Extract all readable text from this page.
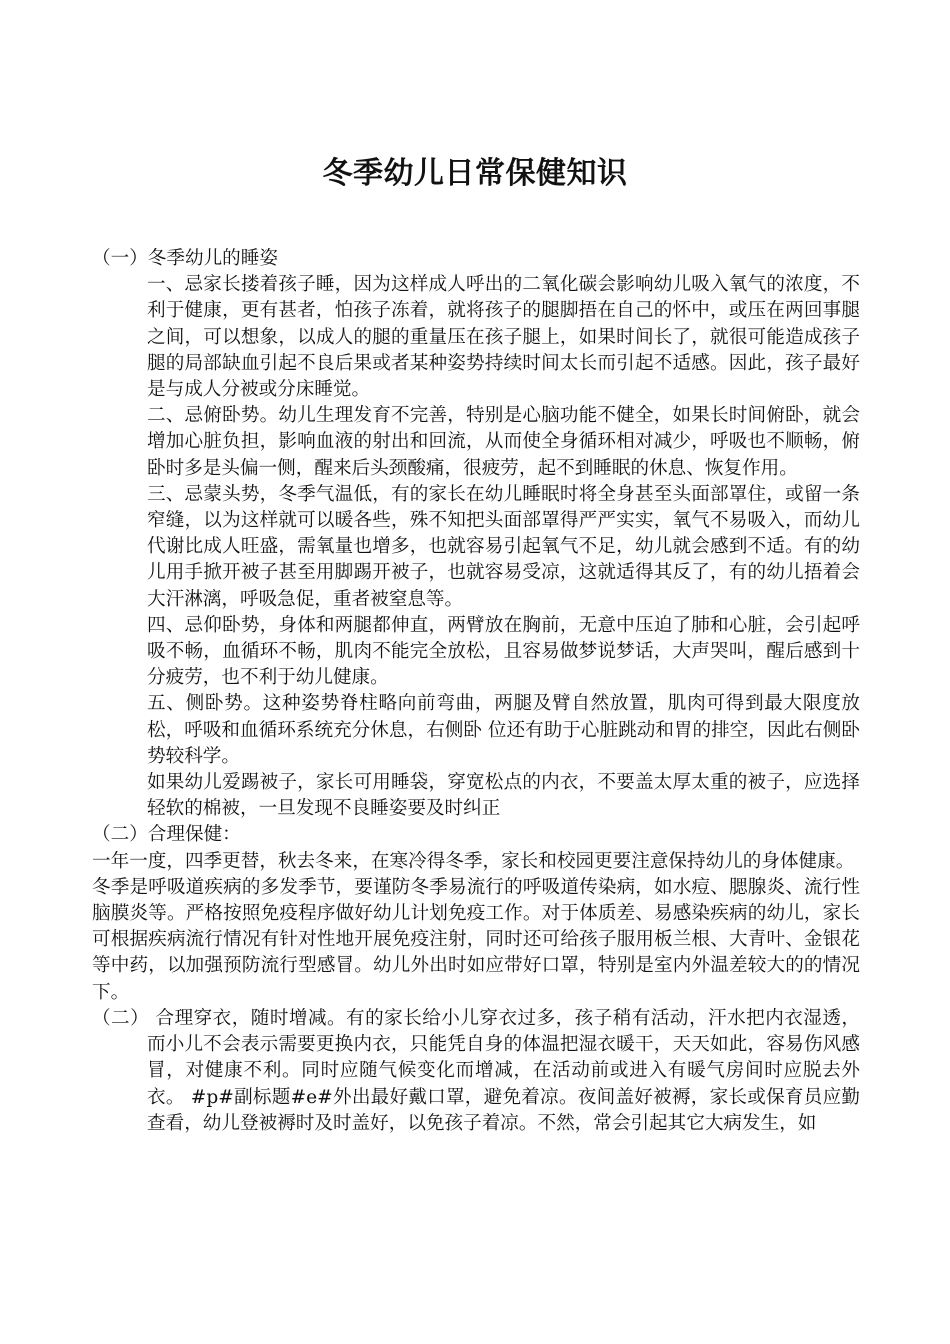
冬季幼儿日常保健知识

（一）冬季幼儿的睡姿

一、忌家长搂着孩子睡，因为这样成人呼出的二氧化碳会影响幼儿吸入氧气的浓度，不利于健康，更有甚者，怕孩子冻着，就将孩子的腿脚捂在自己的怀中，或压在两回事腿之间，可以想象，以成人的腿的重量压在孩子腿上，如果时间长了，就很可能造成孩子腿的局部缺血引起不良后果或者某种姿势持续时间太长而引起不适感。因此，孩子最好是与成人分被或分床睡觉。

二、忌俯卧势。幼儿生理发育不完善，特别是心脑功能不健全，如果长时间俯卧，就会增加心脏负担，影响血液的射出和回流，从而使全身循环相对减少，呼吸也不顺畅，俯卧时多是头偏一侧，醒来后头颈酸痛，很疲劳，起不到睡眠的休息、恢复作用。

三、忌蒙头势，冬季气温低，有的家长在幼儿睡眠时将全身甚至头面部罩住，或留一条窄缝，以为这样就可以暖各些，殊不知把头面部罩得严严实实，氧气不易吸入，而幼儿代谢比成人旺盛，需氧量也增多，也就容易引起氧气不足，幼儿就会感到不适。有的幼儿用手掀开被子甚至用脚踢开被子，也就容易受凉，这就适得其反了，有的幼儿捂着会大汗淋漓，呼吸急促，重者被窒息等。

四、忌仰卧势，身体和两腿都伸直，两臂放在胸前，无意中压迫了肺和心脏，会引起呼吸不畅，血循环不畅，肌肉不能完全放松，且容易做梦说梦话，大声哭叫，醒后感到十分疲劳，也不利于幼儿健康。

五、侧卧势。这种姿势脊柱略向前弯曲，两腿及臂自然放置，肌肉可得到最大限度放松，呼吸和血循环系统充分休息，右侧卧 位还有助于心脏跳动和胃的排空，因此右侧卧势较科学。

如果幼儿爱踢被子，家长可用睡袋，穿宽松点的内衣，不要盖太厚太重的被子，应选择轻软的棉被，一旦发现不良睡姿要及时纠正

（二）合理保健：

一年一度，四季更替，秋去冬来，在寒冷得冬季，家长和校园更要注意保持幼儿的身体健康。

冬季是呼吸道疾病的多发季节，要谨防冬季易流行的呼吸道传染病，如水痘、腮腺炎、流行性脑膜炎等。严格按照免疫程序做好幼儿计划免疫工作。对于体质差、易感染疾病的幼儿，家长可根据疾病流行情况有针对性地开展免疫注射，同时还可给孩子服用板兰根、大青叶、金银花等中药，以加强预防流行型感冒。幼儿外出时如应带好口罩，特别是室内外温差较大的的情况下。

（二） 合理穿衣，随时增减。有的家长给小儿穿衣过多，孩子稍有活动，汗水把内衣湿透，而小儿不会表示需要更换内衣，只能凭自身的体温把湿衣暖干，天天如此，容易伤风感冒，对健康不利。同时应随气候变化而增减，在活动前或进入有暖气房间时应脱去外衣。 #p#副标题#e#外出最好戴口罩，避免着凉。夜间盖好被褥，家长或保育员应勤查看，幼儿登被褥时及时盖好，以免孩子着凉。不然，常会引起其它大病发生，如
